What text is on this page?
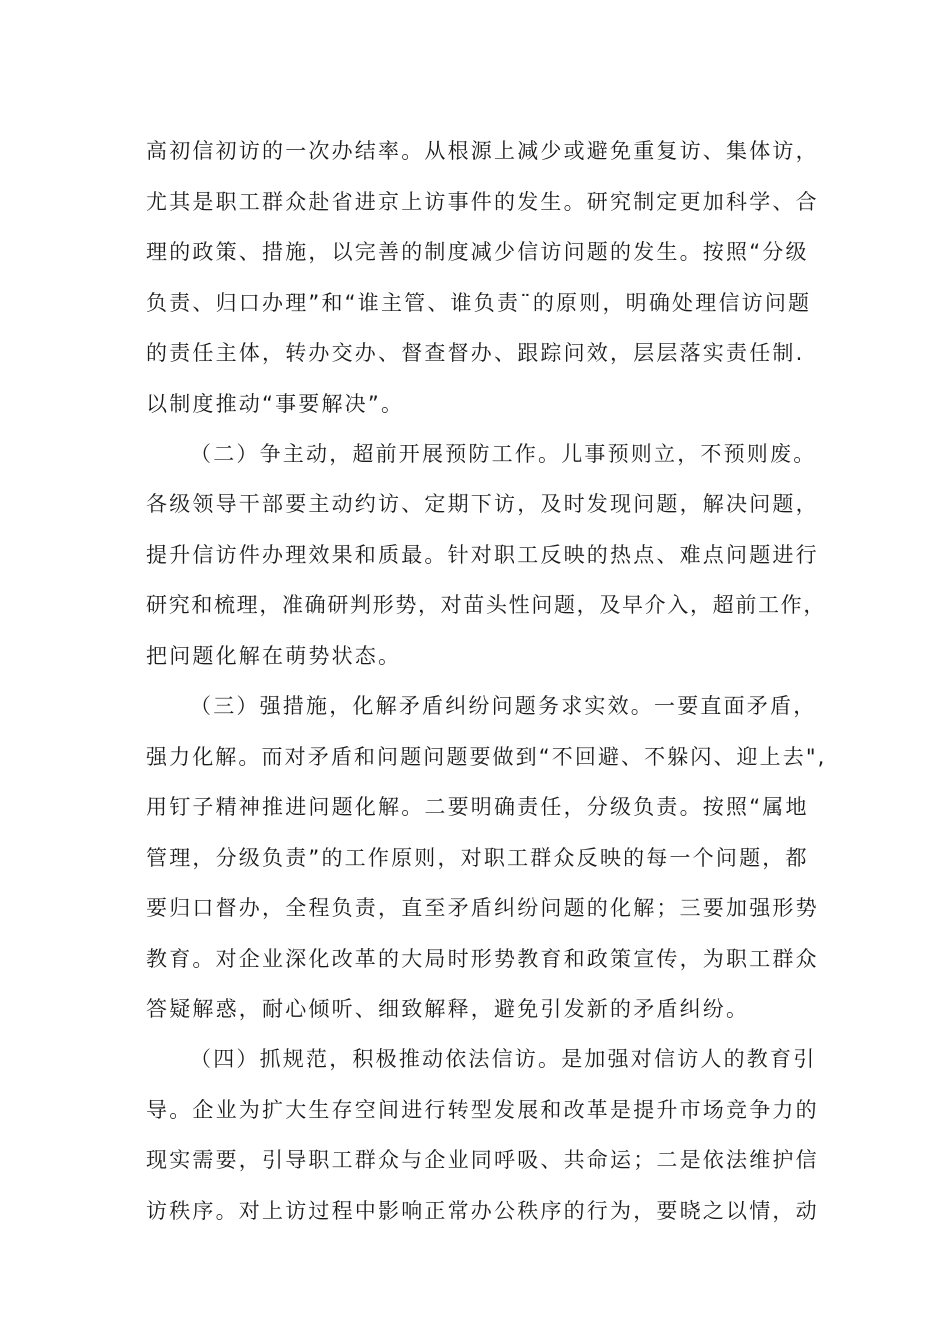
高初信初访的一次办结率。从根源上减少或避免重复访、集体访，
尤其是职工群众赴省进京上访事件的发生。研究制定更加科学、合
理的政策、措施，以完善的制度减少信访问题的发生。按照“分级
负责、归口办理”和“谁主管、谁负责¨的原则，明确处理信访问题
的责任主体，转办交办、督查督办、跟踪问效，层层落实责任制.
以制度推动“事要解决”。
（二）争主动，超前开展预防工作。儿事预则立，不预则废。
各级领导干部要主动约访、定期下访，及时发现问题，解决问题，
提升信访件办理效果和质最。针对职工反映的热点、难点问题进行
研究和梳理，准确研判形势，对苗头性问题，及早介入，超前工作，
把问题化解在萌势状态。
（三）强措施，化解矛盾纠纷问题务求实效。一要直面矛盾，
强力化解。而对矛盾和问题问题要做到“不回避、不躲闪、迎上去",
用钉子精神推进问题化解。二要明确责任，分级负责。按照“属地
管理，分级负责”的工作原则，对职工群众反映的每一个问题，都
要归口督办，全程负责，直至矛盾纠纷问题的化解；三要加强形势
教育。对企业深化改革的大局时形势教育和政策宣传，为职工群众
答疑解惑，耐心倾听、细致解释，避免引发新的矛盾纠纷。
（四）抓规范，积极推动依法信访。是加强对信访人的教育引
导。企业为扩大生存空间进行转型发展和改革是提升市场竞争力的
现实需要，引导职工群众与企业同呼吸、共命运；二是依法维护信
访秩序。对上访过程中影响正常办公秩序的行为，要晓之以情，动
